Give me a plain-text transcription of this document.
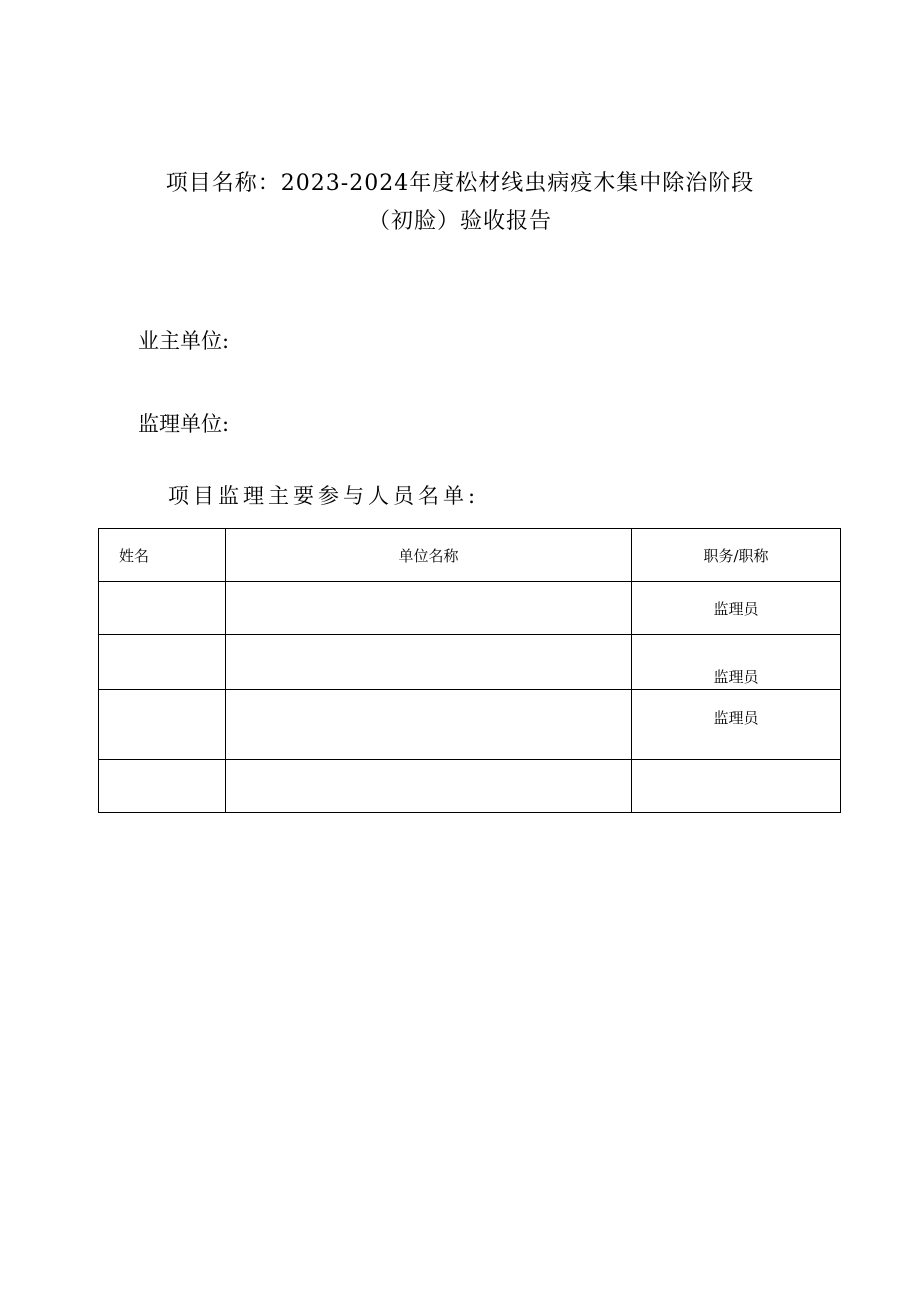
项目名称：2023-2024年度松材线虫病疫木集中除治阶段
（初脸）验收报告
业主单位:
监理单位:
项目监理主要参与人员名单:
姓名	单位名称	职务/职称
		监理员
		监理员
		监理员
